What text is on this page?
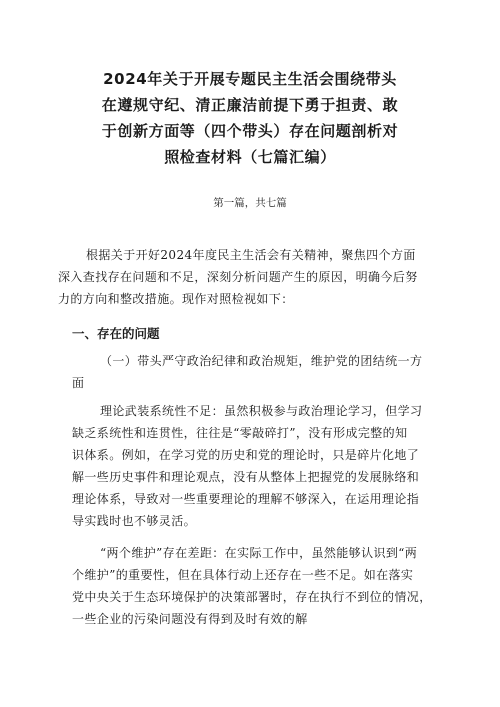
2024年关于开展专题民主生活会围绕带头
在遵规守纪、清正廉洁前提下勇于担责、敢
于创新方面等（四个带头）存在问题剖析对
照检查材料（七篇汇编）
第一篇，共七篇
根据关于开好2024年度民主生活会有关精神，聚焦四个方面
深入查找存在问题和不足，深刻分析问题产生的原因，明确今后努
力的方向和整改措施。现作对照检视如下：
一、存在的问题
（一）带头严守政治纪律和政治规矩，维护党的团结统一方
面
理论武装系统性不足：虽然积极参与政治理论学习，但学习
缺乏系统性和连贯性，往往是“零敲碎打”，没有形成完整的知
识体系。例如，在学习党的历史和党的理论时，只是碎片化地了
解一些历史事件和理论观点，没有从整体上把握党的发展脉络和
理论体系，导致对一些重要理论的理解不够深入，在运用理论指
导实践时也不够灵活。
“两个维护”存在差距：在实际工作中，虽然能够认识到“两
个维护”的重要性，但在具体行动上还存在一些不足。如在落实
党中央关于生态环境保护的决策部署时，存在执行不到位的情况，
一些企业的污染问题没有得到及时有效的解
